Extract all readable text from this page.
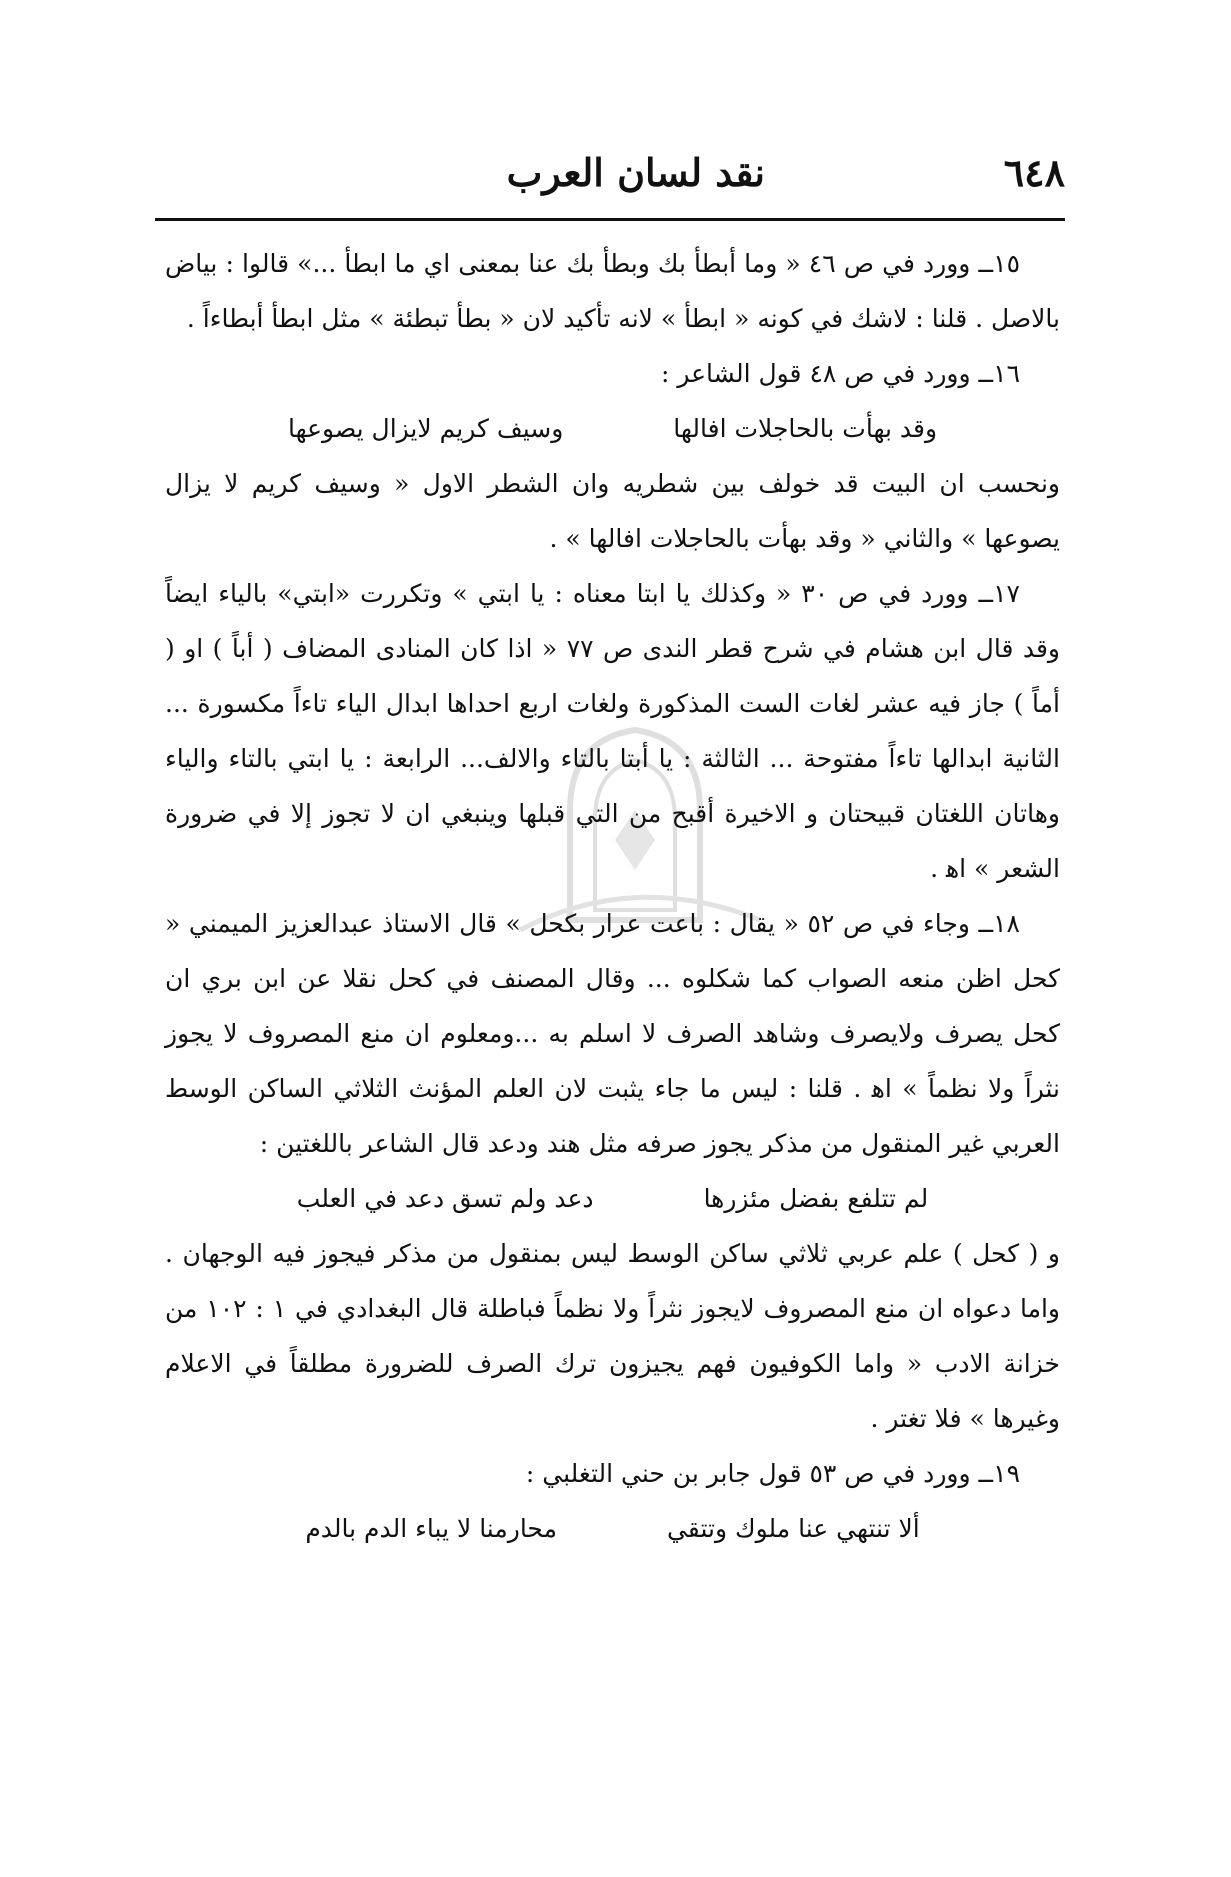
٦٤٨
نقد لسان العرب

١٥ــ وورد في ص ٤٦ « وما أبطأ بك وبطأ بك عنا بمعنى اي ما ابطأ ...» قالوا : بياض بالاصل . قلنا : لاشك في كونه « ابطأ » لانه تأكيد لان « بطأ تبطئة » مثل ابطأ أبطاءاً .

١٦ــ وورد في ص ٤٨ قول الشاعر :

وقد بهأت بالحاجلات افالها
وسيف كريم لايزال يصوعها

ونحسب ان البيت قد خولف بين شطريه وان الشطر الاول « وسيف كريم لا يزال يصوعها » والثاني « وقد بهأت بالحاجلات افالها » .

١٧ــ وورد في ص ٣٠ « وكذلك يا ابتا معناه : يا ابتي » وتكررت «ابتي» بالياء ايضاً وقد قال ابن هشام في شرح قطر الندى ص ٧٧ « اذا كان المنادى المضاف ( أباً ) او ( أماً ) جاز فيه عشر لغات الست المذكورة ولغات اربع احداها ابدال الياء تاءاً مكسورة ... الثانية ابدالها تاءاً مفتوحة ... الثالثة : يا أبتا بالتاء والالف... الرابعة : يا ابتي بالتاء والياء وهاتان اللغتان قبيحتان و الاخيرة أقبح من التي قبلها وينبغي ان لا تجوز إلا في ضرورة الشعر » اﻫ .

١٨ــ وجاء في ص ٥٢ « يقال : باعت عرار بكحل » قال الاستاذ عبدالعزيز الميمني « كحل اظن منعه الصواب كما شكلوه ... وقال المصنف في كحل نقلا عن ابن بري ان كحل يصرف ولايصرف وشاهد الصرف لا اسلم به ...ومعلوم ان منع المصروف لا يجوز نثراً ولا نظماً » اﻫ . قلنا : ليس ما جاء يثبت لان العلم المؤنث الثلاثي الساكن الوسط العربي غير المنقول من مذكر يجوز صرفه مثل هند ودعد قال الشاعر باللغتين :

لم تتلفع بفضل مئزرها
دعد ولم تسق دعد في العلب

و ( كحل ) علم عربي ثلاثي ساكن الوسط ليس بمنقول من مذكر فيجوز فيه الوجهان . واما دعواه ان منع المصروف لايجوز نثراً ولا نظماً فباطلة قال البغدادي في ١ : ١٠٢ من خزانة الادب « واما الكوفيون فهم يجيزون ترك الصرف للضرورة مطلقاً في الاعلام وغيرها » فلا تغتر .

١٩ــ وورد في ص ٥٣ قول جابر بن حني التغلبي :

ألا تنتهي عنا ملوك وتتقي
محارمنا لا يباء الدم بالدم
